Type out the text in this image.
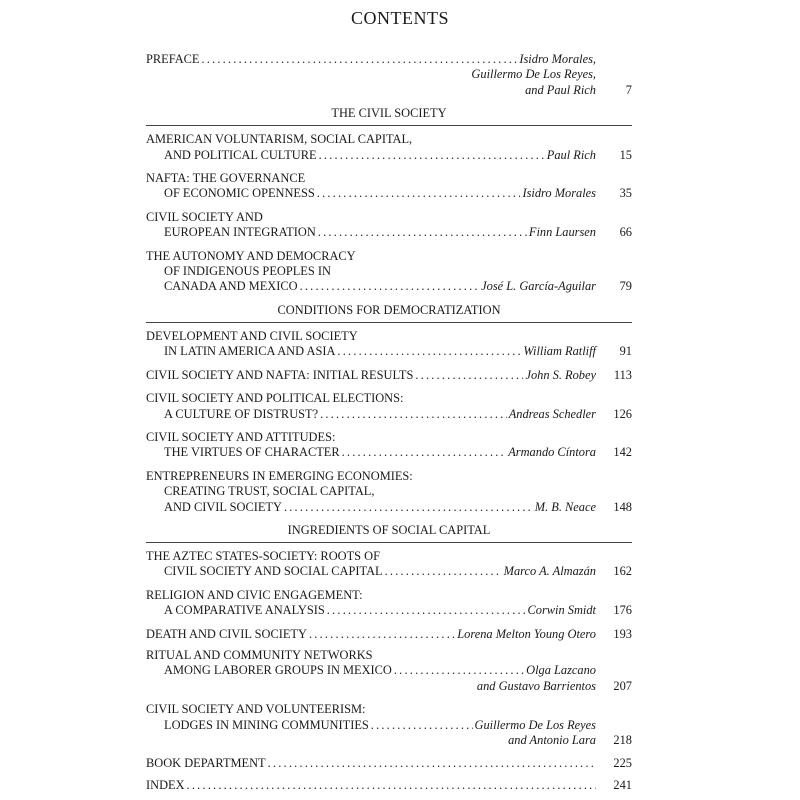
CONTENTS
PREFACE .....	Isidro Morales,
Guillermo De Los Reyes,
and Paul Rich	7
THE CIVIL SOCIETY
AMERICAN VOLUNTARISM, SOCIAL CAPITAL,
AND POLITICAL CULTURE .....	Paul Rich	15
NAFTA: THE GOVERNANCE
OF ECONOMIC OPENNESS .....	Isidro Morales	35
CIVIL SOCIETY AND
EUROPEAN INTEGRATION .....	Finn Laursen	66
THE AUTONOMY AND DEMOCRACY
OF INDIGENOUS PEOPLES IN
CANADA AND MEXICO .....	José L. García-Aguilar	79
CONDITIONS FOR DEMOCRATIZATION
DEVELOPMENT AND CIVIL SOCIETY
IN LATIN AMERICA AND ASIA .....	William Ratliff	91
CIVIL SOCIETY AND NAFTA: INITIAL RESULTS .....	John S. Robey	113
CIVIL SOCIETY AND POLITICAL ELECTIONS:
A CULTURE OF DISTRUST? .....	Andreas Schedler	126
CIVIL SOCIETY AND ATTITUDES:
THE VIRTUES OF CHARACTER .....	Armando Cíntora	142
ENTREPRENEURS IN EMERGING ECONOMIES:
CREATING TRUST, SOCIAL CAPITAL,
AND CIVIL SOCIETY .....	M. B. Neace	148
INGREDIENTS OF SOCIAL CAPITAL
THE AZTEC STATES-SOCIETY: ROOTS OF
CIVIL SOCIETY AND SOCIAL CAPITAL .....	Marco A. Almazán	162
RELIGION AND CIVIC ENGAGEMENT:
A COMPARATIVE ANALYSIS .....	Corwin Smidt	176
DEATH AND CIVIL SOCIETY .....	Lorena Melton Young Otero	193
RITUAL AND COMMUNITY NETWORKS
AMONG LABORER GROUPS IN MEXICO .....	Olga Lazcano
and Gustavo Barrientos	207
CIVIL SOCIETY AND VOLUNTEERISM:
LODGES IN MINING COMMUNITIES .....	Guillermo De Los Reyes
and Antonio Lara	218
BOOK DEPARTMENT .....	225
INDEX .....	241
